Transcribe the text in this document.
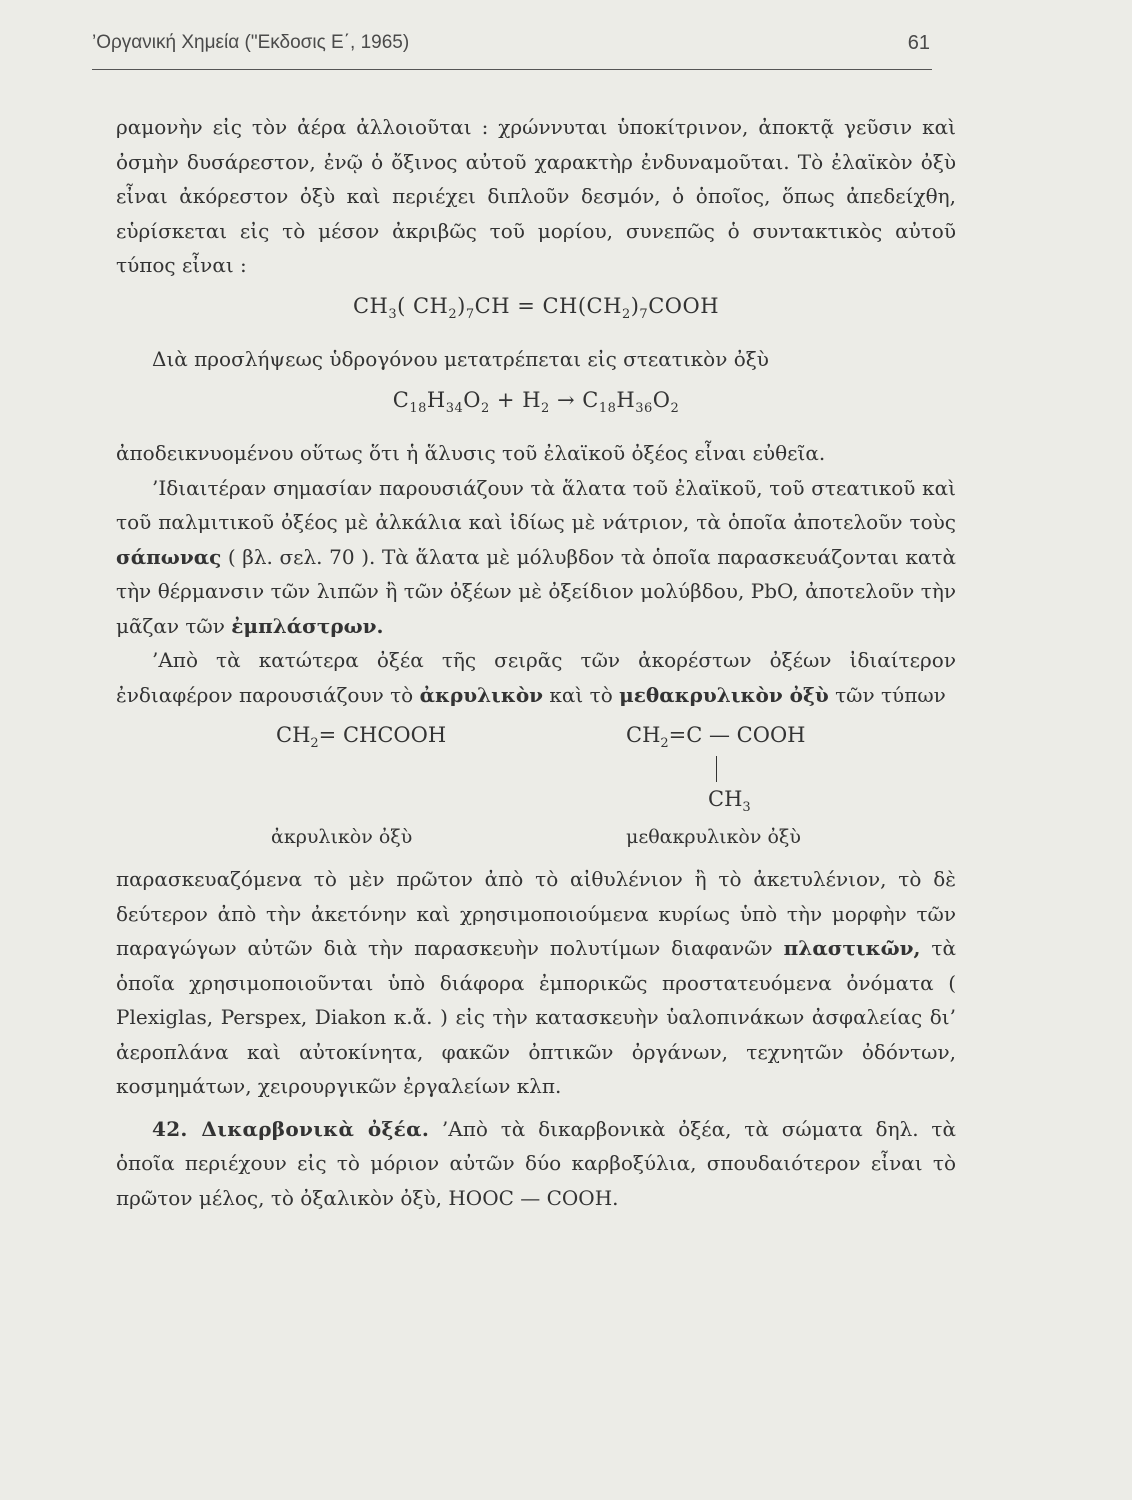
’Οργανική Χημεία ("Εκδοσις Ε΄, 1965)	61

ραμονὴν εἰς τὸν ἀέρα ἀλλοιοῦται : χρώννυται ὑποκίτρινον, ἀποκτᾷ γεῦσιν καὶ ὀσμὴν δυσάρεστον, ἐνῷ ὁ ὄξινος αὐτοῦ χαρακτὴρ ἐνδυναμοῦται. Τὸ ἐλαϊκὸν ὀξὺ εἶναι ἀκόρεστον ὀξὺ καὶ περιέχει διπλοῦν δεσμόν, ὁ ὁποῖος, ὅπως ἀπεδείχθη, εὑρίσκεται εἰς τὸ μέσον ἀκριβῶς τοῦ μορίου, συνεπῶς ὁ συντακτικὸς αὐτοῦ τύπος εἶναι :

$CH_3$( $CH_2)_7CH$ = $CH(CH_2)_7COOH$

Διὰ προσλήψεως ὑδρογόνου μετατρέπεται εἰς στεατικὸν ὀξὺ

$C_{18}H_{34}O_2 + H_2 \to C_{18}H_{36}O_2$

ἀποδεικνυομένου οὕτως ὅτι ἡ ἅλυσις τοῦ ἐλαϊκοῦ ὀξέος εἶναι εὐθεῖα.

’Ιδιαιτέραν σημασίαν παρουσιάζουν τὰ ἅλατα τοῦ ἐλαϊκοῦ, τοῦ στεατικοῦ καὶ τοῦ παλμιτικοῦ ὀξέος μὲ ἀλκάλια καὶ ἰδίως μὲ νάτριον, τὰ ὁποῖα ἀποτελοῦν τοὺς σάπωνας ( βλ. σελ. 70 ). Τὰ ἅλατα μὲ μόλυβδον τὰ ὁποῖα παρασκευάζονται κατὰ τὴν θέρμανσιν τῶν λιπῶν ἢ τῶν ὀξέων μὲ ὀξείδιον μολύβδου, PbO, ἀποτελοῦν τὴν μᾶζαν τῶν ἐμπλάστρων.

’Απὸ τὰ κατώτερα ὀξέα τῆς σειρᾶς τῶν ἀκορέστων ὀξέων ἰδιαίτερον ἐνδιαφέρον παρουσιάζουν τὸ ἀκρυλικὸν καὶ τὸ μεθακρυλικὸν ὀξὺ τῶν τύπων

$CH_2=$ CHCOOH	$CH_2=C$ — COOH
$CH_3$
ἀκρυλικὸν ὀξὺ	μεθακρυλικὸν ὀξὺ

παρασκευαζόμενα τὸ μὲν πρῶτον ἀπὸ τὸ αἰθυλένιον ἢ τὸ ἀκετυλένιον, τὸ δὲ δεύτερον ἀπὸ τὴν ἀκετόνην καὶ χρησιμοποιούμενα κυρίως ὑπὸ τὴν μορφὴν τῶν παραγώγων αὐτῶν διὰ τὴν παρασκευὴν πολυτίμων διαφανῶν πλαστικῶν, τὰ ὁποῖα χρησιμοποιοῦνται ὑπὸ διάφορα ἐμπορικῶς προστατευόμενα ὀνόματα ( Plexiglas, Perspex, Diakon κ.ἄ. ) εἰς τὴν κατασκευὴν ὑαλοπινάκων ἀσφαλείας δι’ ἀεροπλάνα καὶ αὐτοκίνητα, φακῶν ὀπτικῶν ὀργάνων, τεχνητῶν ὀδόντων, κοσμημάτων, χειρουργικῶν ἐργαλείων κλπ.

42. Δικαρβονικὰ ὀξέα. ’Απὸ τὰ δικαρβονικὰ ὀξέα, τὰ σώματα δηλ. τὰ ὁποῖα περιέχουν εἰς τὸ μόριον αὐτῶν δύο καρβοξύλια, σπουδαιότερον εἶναι τὸ πρῶτον μέλος, τὸ ὀξαλικὸν ὀξὺ, HOOC — COOH.
